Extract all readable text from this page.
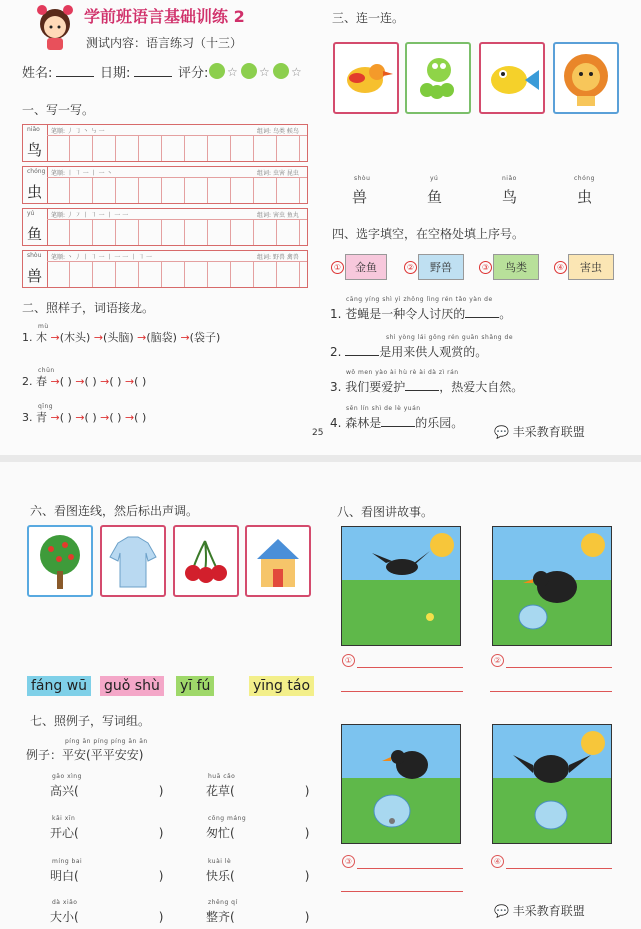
学前班语言基础训练 2
测试内容：语言练习（十三）
姓名:	日期:	评分: ☆ ☆ ☆
一、写一写。
niǎo
鸟
笔顺: 丿 ㇆ 丶 ㇉ 一	组词: 鸟类 候鸟
chóng
虫
笔顺: 丨 ㇕ 一 丨 一 丶	组词: 虫害 昆虫
yú
鱼
笔顺: 丿 ㇇ 丨 ㇕ 一 丨 一 一	组词: 害虫 鱼丸
shòu
兽
笔顺: 丶 丿 丨 ㇕ 一 丨 一 一 丨 ㇕ 一	组词: 野兽 禽兽
二、照样子，词语接龙。
mù
1. 木 →(木头) →(头脑) →(脑袋) →(袋子)
chūn
2. 春 →( ) →( ) →( ) →( )
qīng
3. 青 →( ) →( ) →( ) →( )
25
三、连一连。
shòu
兽
yú
鱼
niǎo
鸟
chóng
虫
四、选字填空，在空格处填上序号。
①	金鱼	②	野兽	③	鸟类	④	害虫
cāng yíng shì yì zhǒng lìng rén tǎo yàn de
1. 苍蝇是一种令人讨厌的	。
shì yòng lái gōng rén guān shǎng de
2.	是用来供人观赏的。
wǒ men yào ài hù rè ài dà zì rán
3. 我们要爱护	，热爱大自然。
sēn lín shì de lè yuán
4. 森林是	的乐园。
💬 丰采教育联盟
六、看图连线，然后标出声调。
fáng wū guǒ shù yī fú	yīng táo
七、照例子，写词组。
píng ān píng píng ān ān
例子：平安(平平安安)
gāo xìng
高兴(	)
kāi xīn
开心(	)
míng bai
明白(	)
dà xiǎo
大小(	)
huā cǎo
花草(	)
cōng máng
匆忙(	)
kuài lè
快乐(	)
zhěng qí
整齐(	)
八、看图讲故事。
①	②
③	④
💬 丰采教育联盟
